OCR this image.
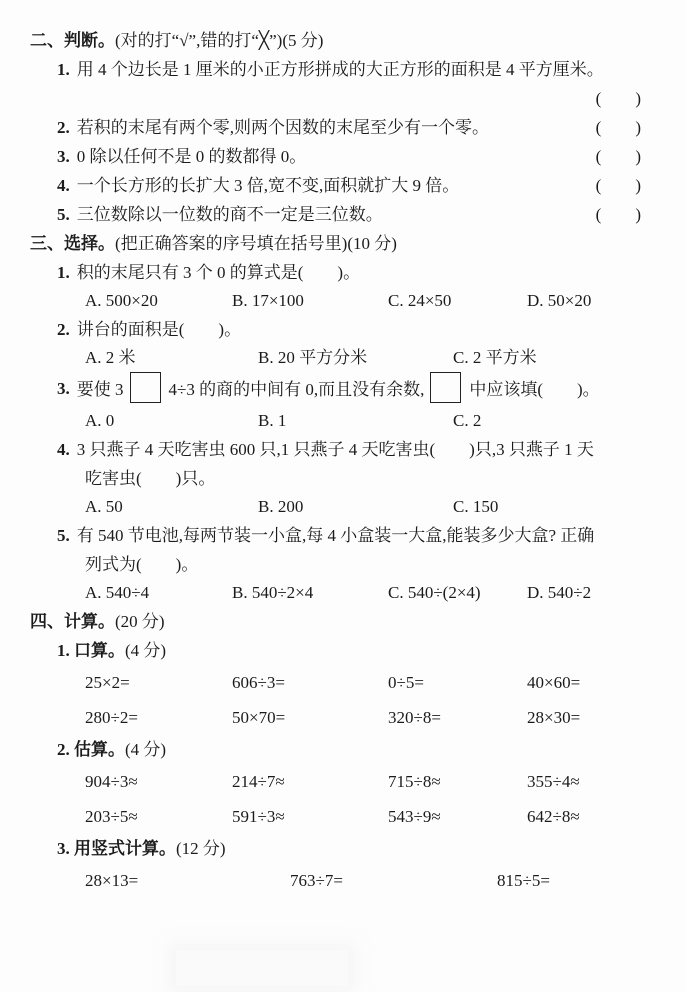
二、判断。(对的打“√”,错的打“╳”)(5 分)
1. 用 4 个边长是 1 厘米的小正方形拼成的大正方形的面积是 4 平方厘米。
(　　)
2. 若积的末尾有两个零,则两个因数的末尾至少有一个零。	(　　)
3. 0 除以任何不是 0 的数都得 0。	(　　)
4. 一个长方形的长扩大 3 倍,宽不变,面积就扩大 9 倍。	(　　)
5. 三位数除以一位数的商不一定是三位数。	(　　)
三、选择。(把正确答案的序号填在括号里)(10 分)
1. 积的末尾只有 3 个 0 的算式是(　　)。
A. 500×20	B. 17×100	C. 24×50	D. 50×20
2. 讲台的面积是(　　)。
A. 2 米	B. 20 平方分米	C. 2 平方米
3. 要使 3	4÷3 的商的中间有 0,而且没有余数,	中应该填(　　)。
A. 0	B. 1	C. 2
4. 3 只燕子 4 天吃害虫 600 只,1 只燕子 4 天吃害虫(　　)只,3 只燕子 1 天
吃害虫(　　)只。
A. 50	B. 200	C. 150
5. 有 540 节电池,每两节装一小盒,每 4 小盒装一大盒,能装多少大盒? 正确
列式为(　　)。
A. 540÷4	B. 540÷2×4	C. 540÷(2×4)	D. 540÷2
四、计算。(20 分)
1. 口算。(4 分)
25×2=	606÷3=	0÷5=	40×60=
280÷2=	50×70=	320÷8=	28×30=
2. 估算。(4 分)
904÷3≈	214÷7≈	715÷8≈	355÷4≈
203÷5≈	591÷3≈	543÷9≈	642÷8≈
3. 用竖式计算。(12 分)
28×13=	763÷7=	815÷5=
